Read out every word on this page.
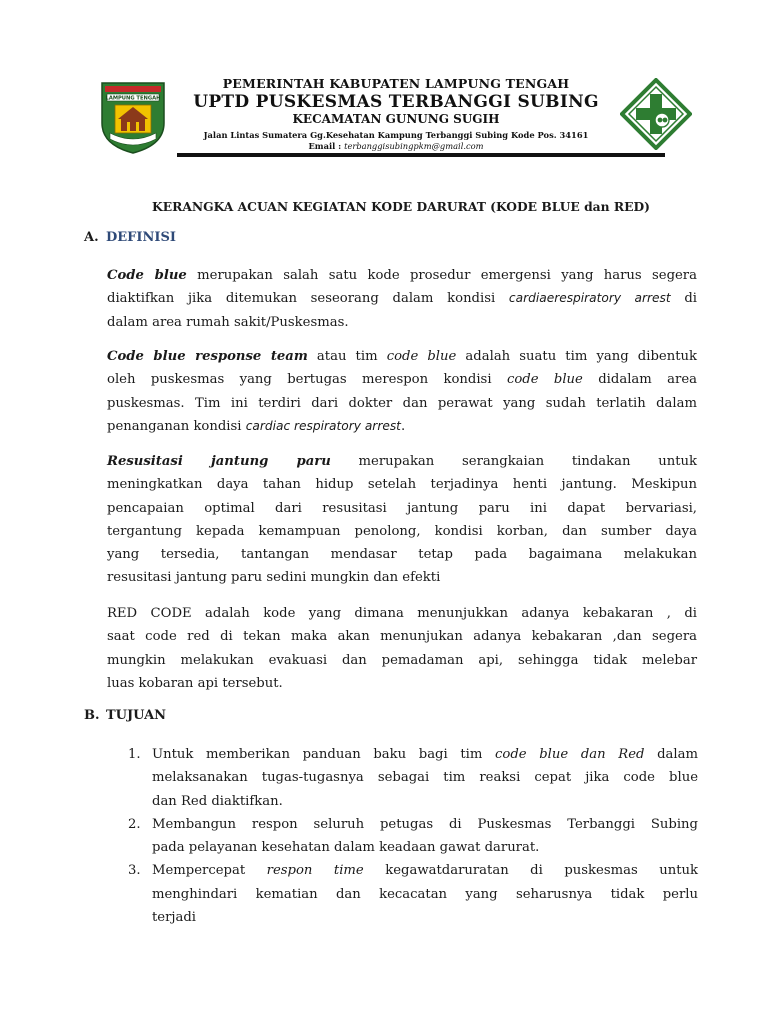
LAMPUNG TENGAH
PEMERINTAH KABUPATEN LAMPUNG TENGAH
UPTD PUSKESMAS TERBANGGI SUBING
KECAMATAN GUNUNG SUGIH
Jalan Lintas Sumatera Gg.Kesehatan Kampung Terbanggi Subing Kode Pos. 34161
Email : terbanggisubingpkm@gmail.com
KERANGKA ACUAN KEGIATAN KODE DARURAT (KODE BLUE dan RED)
A. DEFINISI
Code blue merupakan salah satu kode prosedur emergensi yang harus segera
diaktifkan jika ditemukan seseorang dalam kondisi cardiaerespiratory arrest di
dalam area rumah sakit/Puskesmas.
Code blue response team atau tim code blue adalah suatu tim yang dibentuk
oleh puskesmas yang bertugas merespon kondisi code blue didalam area
puskesmas. Tim ini terdiri dari dokter dan perawat yang sudah terlatih dalam
penanganan kondisi cardiac respiratory arrest.
Resusitasi jantung paru merupakan serangkaian tindakan untuk
meningkatkan daya tahan hidup setelah terjadinya henti jantung. Meskipun
pencapaian optimal dari resusitasi jantung paru ini dapat bervariasi,
tergantung kepada kemampuan penolong, kondisi korban, dan sumber daya
yang tersedia, tantangan mendasar tetap pada bagaimana melakukan
resusitasi jantung paru sedini mungkin dan efekti
RED CODE adalah kode yang dimana menunjukkan adanya kebakaran , di
saat code red di tekan maka akan menunjukan adanya kebakaran ,dan segera
mungkin melakukan evakuasi dan pemadaman api, sehingga tidak melebar
luas kobaran api tersebut.
B. TUJUAN
1. Untuk memberikan panduan baku bagi tim code blue dan Red dalam
melaksanakan tugas-tugasnya sebagai tim reaksi cepat jika code blue
dan Red diaktifkan.
2. Membangun respon seluruh petugas di Puskesmas Terbanggi Subing
pada pelayanan kesehatan dalam keadaan gawat darurat.
3. Mempercepat respon time kegawatdaruratan di puskesmas untuk
menghindari kematian dan kecacatan yang seharusnya tidak perlu
terjadi
